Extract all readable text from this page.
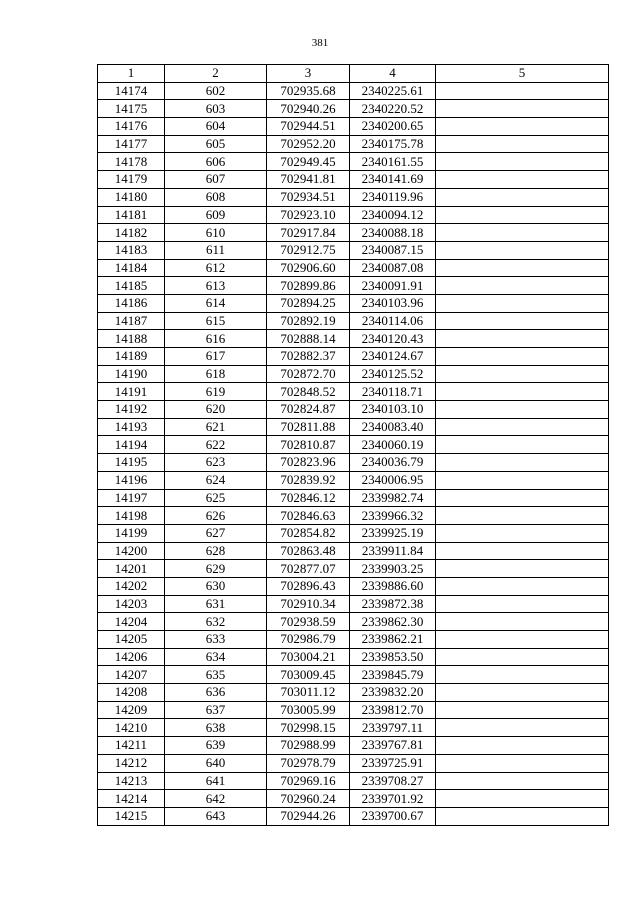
381
1	2	3	4	5
14174	602	702935.68	2340225.61	
14175	603	702940.26	2340220.52	
14176	604	702944.51	2340200.65	
14177	605	702952.20	2340175.78	
14178	606	702949.45	2340161.55	
14179	607	702941.81	2340141.69	
14180	608	702934.51	2340119.96	
14181	609	702923.10	2340094.12	
14182	610	702917.84	2340088.18	
14183	611	702912.75	2340087.15	
14184	612	702906.60	2340087.08	
14185	613	702899.86	2340091.91	
14186	614	702894.25	2340103.96	
14187	615	702892.19	2340114.06	
14188	616	702888.14	2340120.43	
14189	617	702882.37	2340124.67	
14190	618	702872.70	2340125.52	
14191	619	702848.52	2340118.71	
14192	620	702824.87	2340103.10	
14193	621	702811.88	2340083.40	
14194	622	702810.87	2340060.19	
14195	623	702823.96	2340036.79	
14196	624	702839.92	2340006.95	
14197	625	702846.12	2339982.74	
14198	626	702846.63	2339966.32	
14199	627	702854.82	2339925.19	
14200	628	702863.48	2339911.84	
14201	629	702877.07	2339903.25	
14202	630	702896.43	2339886.60	
14203	631	702910.34	2339872.38	
14204	632	702938.59	2339862.30	
14205	633	702986.79	2339862.21	
14206	634	703004.21	2339853.50	
14207	635	703009.45	2339845.79	
14208	636	703011.12	2339832.20	
14209	637	703005.99	2339812.70	
14210	638	702998.15	2339797.11	
14211	639	702988.99	2339767.81	
14212	640	702978.79	2339725.91	
14213	641	702969.16	2339708.27	
14214	642	702960.24	2339701.92	
14215	643	702944.26	2339700.67	
